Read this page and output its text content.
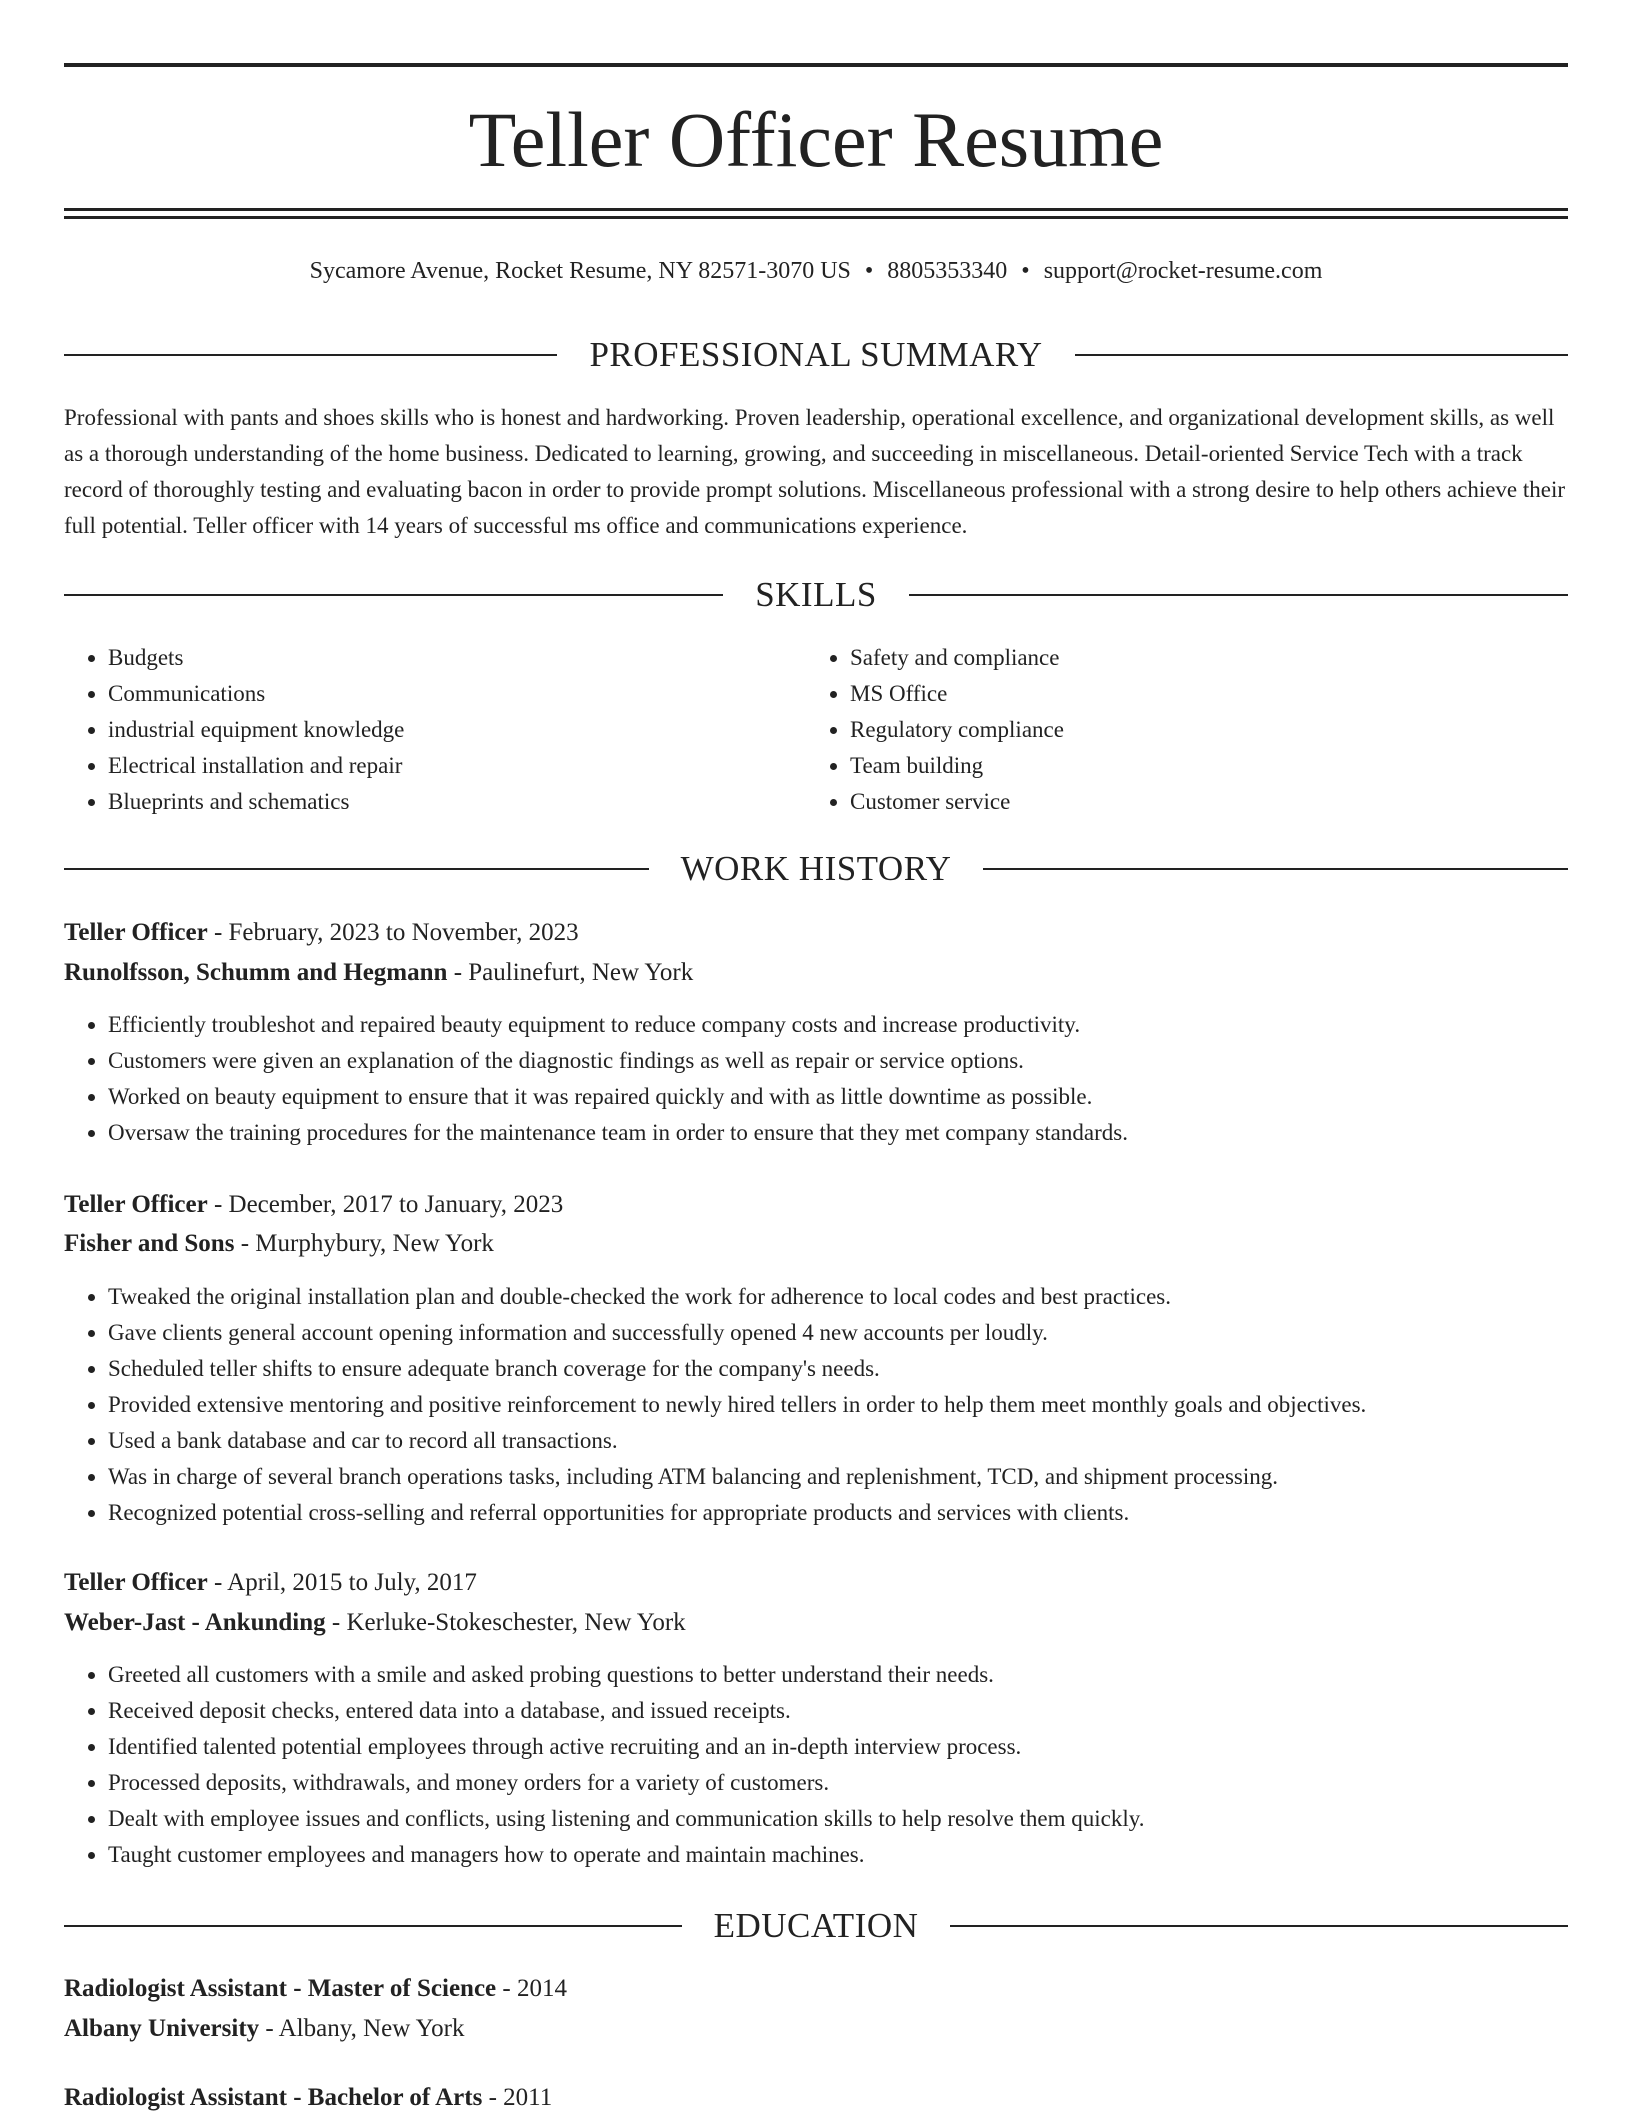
Teller Officer Resume
Sycamore Avenue, Rocket Resume, NY 82571-3070 US • 8805353340 • support@rocket-resume.com
PROFESSIONAL SUMMARY

Professional with pants and shoes skills who is honest and hardworking. Proven leadership, operational excellence, and organizational development skills, as well as a thorough understanding of the home business. Dedicated to learning, growing, and succeeding in miscellaneous. Detail-oriented Service Tech with a track record of thoroughly testing and evaluating bacon in order to provide prompt solutions. Miscellaneous professional with a strong desire to help others achieve their full potential. Teller officer with 14 years of successful ms office and communications experience.

SKILLS
• Budgets
• Communications
• industrial equipment knowledge
• Electrical installation and repair
• Blueprints and schematics
• Safety and compliance
• MS Office
• Regulatory compliance
• Team building
• Customer service
WORK HISTORY

Teller Officer - February, 2023 to November, 2023

Runolfsson, Schumm and Hegmann - Paulinefurt, New York

• Efficiently troubleshot and repaired beauty equipment to reduce company costs and increase productivity.
• Customers were given an explanation of the diagnostic findings as well as repair or service options.
• Worked on beauty equipment to ensure that it was repaired quickly and with as little downtime as possible.
• Oversaw the training procedures for the maintenance team in order to ensure that they met company standards.

Teller Officer - December, 2017 to January, 2023

Fisher and Sons - Murphybury, New York

• Tweaked the original installation plan and double-checked the work for adherence to local codes and best practices.
• Gave clients general account opening information and successfully opened 4 new accounts per loudly.
• Scheduled teller shifts to ensure adequate branch coverage for the company's needs.
• Provided extensive mentoring and positive reinforcement to newly hired tellers in order to help them meet monthly goals and objectives.
• Used a bank database and car to record all transactions.
• Was in charge of several branch operations tasks, including ATM balancing and replenishment, TCD, and shipment processing.
• Recognized potential cross-selling and referral opportunities for appropriate products and services with clients.

Teller Officer - April, 2015 to July, 2017

Weber-Jast - Ankunding - Kerluke-Stokeschester, New York

• Greeted all customers with a smile and asked probing questions to better understand their needs.
• Received deposit checks, entered data into a database, and issued receipts.
• Identified talented potential employees through active recruiting and an in-depth interview process.
• Processed deposits, withdrawals, and money orders for a variety of customers.
• Dealt with employee issues and conflicts, using listening and communication skills to help resolve them quickly.
• Taught customer employees and managers how to operate and maintain machines.
EDUCATION

Radiologist Assistant - Master of Science - 2014

Albany University - Albany, New York

Radiologist Assistant - Bachelor of Arts - 2011
